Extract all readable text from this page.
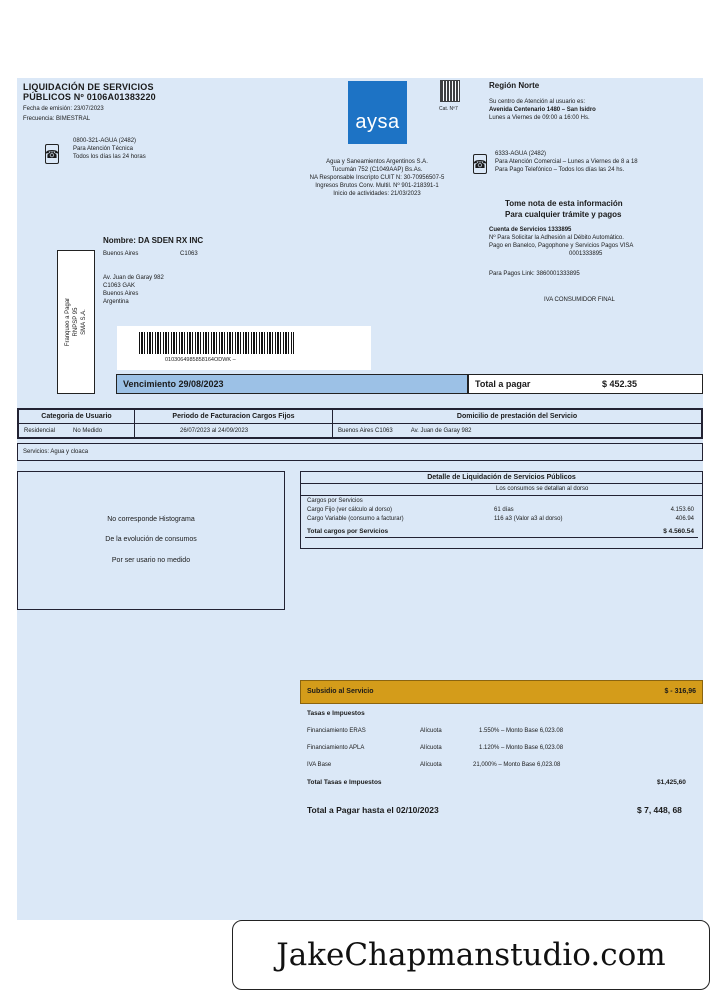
LIQUIDACIÓN DE SERVICIOS
PÚBLICOS Nº 0106A01383220
Fecha de emisión: 23/07/2023
Frecuencia: BIMESTRAL
☎
0800-321-AGUA (2482)
Para Atención Técnica
Todos los días las 24 horas
aysa
Agua y Saneamientos Argentinos S.A.
Tucumán 752 (C1049AAP) Bs.As.
NA Responsable Inscripto CUIT N: 30-70956507-5
Ingresos Brutos Conv. Multil. Nº 901-218391-1
Inicio de actividades: 21/03/2023
Cat. Nº7
Región Norte
Su centro de Atención al usuario es:
Avenida Centenario 1480 – San Isidro
Lunes a Viernes de 09:00 a 16:00 Hs.
☎
6333-AGUA (2482)
Para Atención Comercial – Lunes a Viernes de 8 a 18
Para Pago Telefónico – Todos los días las 24 hs.
Tome nota de esta información
Para cualquier trámite y pagos
Cuenta de Servicios 1333895
Nº Para Solicitar la Adhesión al Débito Automático.
Pago en Banelco, Pagophone y Servicios Pagos VISA
0001333895
Para Pagos Link: 3860001333895
IVA CONSUMIDOR FINAL
Nombre: DA SDEN RX INC
Buenos Aires	C1063
Av. Juan de Garay 982
C1063 GAK
Buenos Aires
Argentina
Franqueo a Pagar RNPSP 95 SMA S.A.
0103064985858164ODWK –
Vencimiento 29/08/2023	Total a pagar	$ 452.35
Categoria de Usuario	Periodo de Facturacion Cargos Fijos	Domicilio de prestación del Servicio
Residencial No Medido	26/07/2023 al 24/09/2023	Buenos Aires C1063 Av. Juan de Garay 982
Servicios: Agua y cloaca
No corresponde Histograma
De la evolución de consumos
Por ser usario no medido
Detalle de Liquidación de Servicios Públicos
Los consumos se detallan al dorso
Cargos por Servicios
Cargo Fijo (ver cálculo al dorso)	61 días	4.153.60
Cargo Variable (consumo a facturar)	116 a3 (Valor a3 al dorso)	406.94
Total cargos por Servicios	$ 4.560.54
Subsidio al Servicio	$ - 316,96
Tasas e Impuestos
Financiamiento ERAS	Alícuota	1.550% – Monto Base 6,023.08
Financiamiento APLA	Alícuota	1.120% – Monto Base 6,023.08
IVA Base	Alícuota	21,000% – Monto Base 6,023.08
Total Tasas e Impuestos	$1,425,60
Total a Pagar hasta el 02/10/2023	$ 7, 448, 68
JakeChapmanstudio.com
